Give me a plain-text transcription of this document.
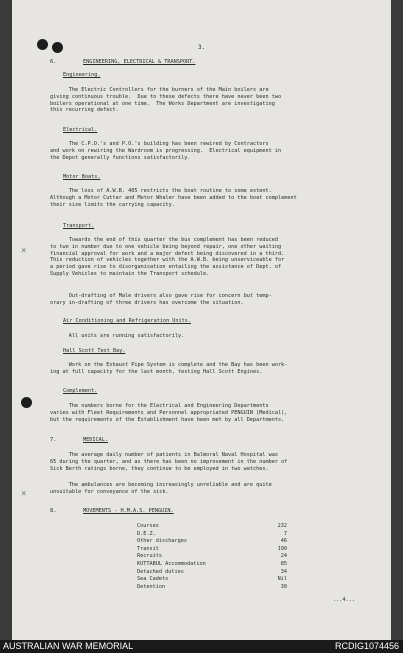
×
×
3.
6.	ENGINEERING, ELECTRICAL & TRANSPORT.
Engineering.
The Electric Controllers for the burners of the Main boilers are
giving continuous trouble.  Due to these defects there have never been two
boilers operational at one time.  The Works Department are investigating
this recurring defect.
Electrical.
The C.P.O.'s and P.O.'s building has been rewired by Contractors
and work on rewiring the Wardroom is progressing.  Electrical equipment in
the Depot generally functions satisfactorily.
Motor Boats.
The loss of A.W.B. 405 restricts the boat routine to some extent.
Although a Motor Cutter and Motor Whaler have been added to the boat complement
their size limits the carrying capacity.
Transport.
Towards the end of this quarter the bus complement has been reduced
to two in number due to one vehicle being beyond repair, one other waiting
financial approval for work and a major defect being discovered in a third.
This reduction of vehicles together with the A.W.B. being unserviceable for
a period gave rise to disorganisation entailing the assistance of Dept. of
Supply Vehicles to maintain the Transport schedule.
Out-drafting of Male drivers also gave rise for concern but temp-
orary in-drafting of three drivers has overcome the situation.
Air Conditioning and Refrigeration Units.
All units are running satisfactorily.
Hall Scott Test Bay.
Work on the Exhaust Pipe System is complete and the Bay has been work-
ing at full capacity for the last month, testing Hall Scott Engines.
Complement.
The numbers borne for the Electrical and Engineering Departments
varies with Fleet Requirements and Personnel appropriated PENGUIN (Medical),
but the requirements of the Establishment have been met by all Departments.
7.	MEDICAL.
The average daily number of patients in Balmoral Naval Hospital was
65 during the quarter, and as there has been no improvement in the number of
Sick Berth ratings borne, they continue to be employed in two watches.
The ambulances are becoming increasingly unreliable and are quite
unsuitable for conveyance of the sick.
8.	MOVEMENTS - H.M.A.S. PENGUIN.
Courses	232
D.E.Z.	7
Other discharges	46
Transit	190
Recruits	24
KUTTABUL Accommodation	85
Detached duties	34
Sea Cadets	Nil
Detention	30
...4...
AUSTRALIAN WAR MEMORIAL	RCDIG1074456
